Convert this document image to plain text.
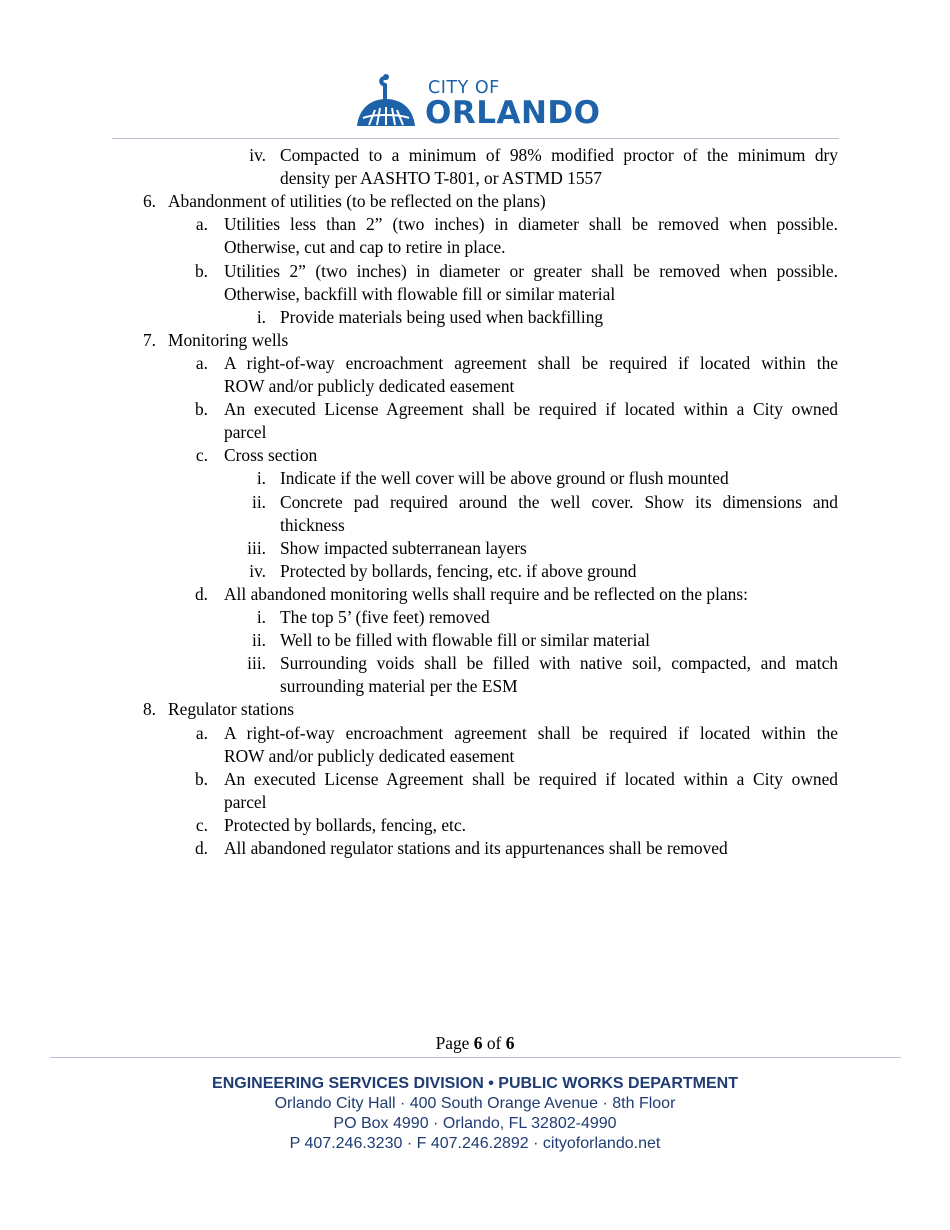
CITY OF
ORLANDO
iv. Compacted to a minimum of 98% modified proctor of the minimum dry
density per AASHTO T-801, or ASTMD 1557
6. Abandonment of utilities (to be reflected on the plans)
a. Utilities less than 2” (two inches) in diameter shall be removed when possible.
Otherwise, cut and cap to retire in place.
b. Utilities 2” (two inches) in diameter or greater shall be removed when possible.
Otherwise, backfill with flowable fill or similar material
i. Provide materials being used when backfilling
7. Monitoring wells
a. A right-of-way encroachment agreement shall be required if located within the
ROW and/or publicly dedicated easement
b. An executed License Agreement shall be required if located within a City owned
parcel
c. Cross section
i. Indicate if the well cover will be above ground or flush mounted
ii. Concrete pad required around the well cover. Show its dimensions and
thickness
iii. Show impacted subterranean layers
iv. Protected by bollards, fencing, etc. if above ground
d. All abandoned monitoring wells shall require and be reflected on the plans:
i. The top 5’ (five feet) removed
ii. Well to be filled with flowable fill or similar material
iii. Surrounding voids shall be filled with native soil, compacted, and match
surrounding material per the ESM
8. Regulator stations
a. A right-of-way encroachment agreement shall be required if located within the
ROW and/or publicly dedicated easement
b. An executed License Agreement shall be required if located within a City owned
parcel
c. Protected by bollards, fencing, etc.
d. All abandoned regulator stations and its appurtenances shall be removed
Page 6 of 6
ENGINEERING SERVICES DIVISION • PUBLIC WORKS DEPARTMENT
Orlando City Hall · 400 South Orange Avenue · 8th Floor
PO Box 4990 · Orlando, FL 32802-4990
P 407.246.3230 · F 407.246.2892 · cityoforlando.net
